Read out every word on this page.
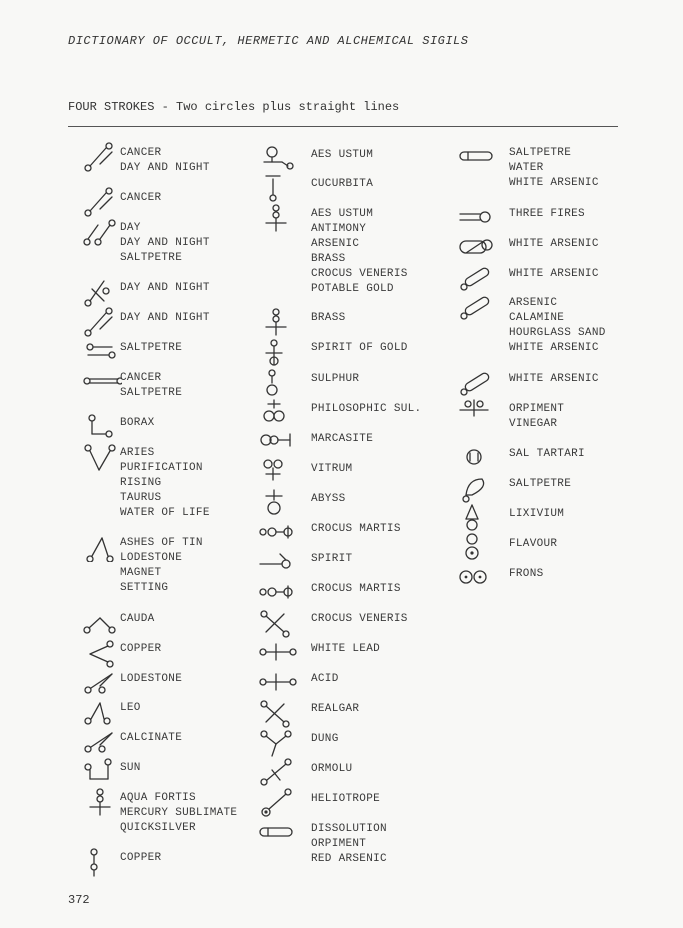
DICTIONARY OF OCCULT, HERMETIC AND ALCHEMICAL SIGILS
FOUR STROKES - Two circles plus straight lines
CANCER
DAY AND NIGHT
CANCER
DAY
DAY AND NIGHT
SALTPETRE
DAY AND NIGHT
DAY AND NIGHT
SALTPETRE
CANCER
SALTPETRE
BORAX
ARIES
PURIFICATION
RISING
TAURUS
WATER OF LIFE
ASHES OF TIN
LODESTONE
MAGNET
SETTING
CAUDA
COPPER
LODESTONE
LEO
CALCINATE
SUN
AQUA FORTIS
MERCURY SUBLIMATE
QUICKSILVER
COPPER
AES USTUM
CUCURBITA
AES USTUM
ANTIMONY
ARSENIC
BRASS
CROCUS VENERIS
POTABLE GOLD
BRASS
SPIRIT OF GOLD
SULPHUR
PHILOSOPHIC SUL.
MARCASITE
VITRUM
ABYSS
CROCUS MARTIS
SPIRIT
CROCUS MARTIS
CROCUS VENERIS
WHITE LEAD
ACID
REALGAR
DUNG
ORMOLU
HELIOTROPE
DISSOLUTION
ORPIMENT
RED ARSENIC
SALTPETRE
WATER
WHITE ARSENIC
THREE FIRES
WHITE ARSENIC
WHITE ARSENIC
ARSENIC
CALAMINE
HOURGLASS SAND
WHITE ARSENIC
WHITE ARSENIC
ORPIMENT
VINEGAR
SAL TARTARI
SALTPETRE
LIXIVIUM
FLAVOUR
FRONS
372
